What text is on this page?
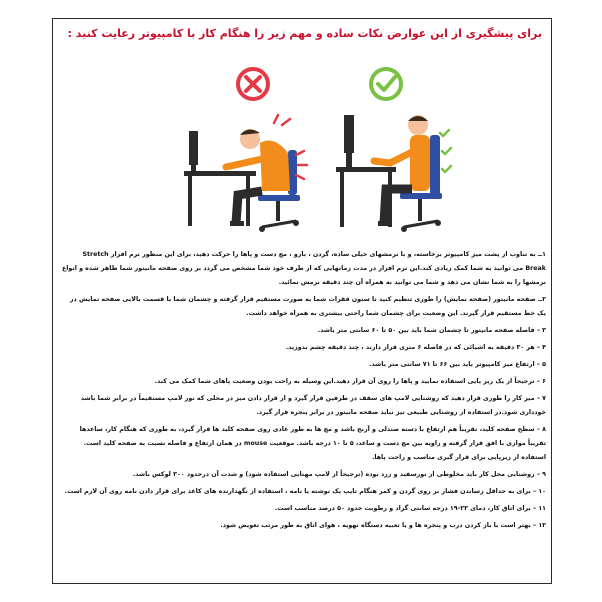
برای پیشگیری از این عوارض نکات ساده و مهم زیر را هنگام کار با کامپیوتر رعایت کنید :
۱ــ به تناوب از پشت میز کامپیوتر برخاسته، و با نرمشهای خیلی ساده، گردن ، بازو ، مچ دست و پاها را حرکت دهید، برای این منظور نرم افزار Stretch Break می توانید به شما کمک زیادی کند.این نرم افزار در مدت زمانهایی که از طرف خود شما مشخص می گردد بر روی صفحه مانیتور شما ظاهر شده و انواع نرمشها را به شما نشان می دهد و شما می توانید به همراه آن چند دقیقه نرمش نمائید.
۲ــ صفحه مانیتور (صفحه نمایش) را طوری تنظیم کنید تا ستون فقرات شما به صورت مستقیم قرار گرفته و چشمان شما با قسمت بالایی صفحه نمایش در یک خط مستقیم قرار گیرند. این وضعیت برای چشمان شما راحتی بیشتری به همراه خواهد داشت.
۳ – فاصله صفحه مانیتور تا چشمان شما باید بین ۵۰ تا ۶۰ سانتی متر باشد.
۴ – هر ۳۰ دقیقه به اشیائی که در فاصله ۶ متری قرار دارند ، چند دقیقه چشم بدوزید.
۵ – ارتفاع میز کامپیوتر باید بین ۶۶ تا ۷۱ سانتی متر باشد.
۶ – ترجیحاً از یک زیر پایی استفاده نمایید و پاها را روی آن قرار دهید.این وسیله به راحت بودن وضعیت پاهای شما کمک می کند.
۷ – میز کار را طوری قرار دهید که روشنایی لامپ های سقف در طرفین قرار گیرد و از قرار دادن میز در محلی که نور لامپ مستقیماً در برابر شما باشد خودداری شود.در استفاده از روشنایی طبیعی نیز نباید صفحه مانیتور در برابر پنجره قرار گیرد.
۸ – سطح صفحه کلید، تقریباً هم ارتفاع با دسته صندلی و آرنج باشد و مچ ها به طور عادی روی صفحه کلید ها قرار گیرد، به طوری که هنگام کار، ساعدها تقریباً موازی با افق قرار گرفته و زاویه بین مچ دست و ساعد، ۵ تا ۱۰ درجه باشد. موقعیت mouse در همان ارتفاع و فاصله نسبت به صفحه کلید است. استفاده از زیرپایی برای قرار گیری مناسب و راحت پاها.
۹ – روشنایی محل کار باید مخلوطی از نورسفید و زرد بوده (ترجیحاً از لامپ مهتابی استفاده شود) و شدت آن درحدود ۳۰۰ لوکس باشد.
۱۰ – برای به حداقل رساندن فشار بر روی گردن و کمر هنگام تایپ یک نوشته یا نامه ، استفاده از نگهدارنده های کاغذ برای قرار دادن نامه روی آن لازم است.
۱۱ – برای اتاق کار، دمای ۲۳-۱۹ درجه سانتی گراد و رطوبت حدود ۵۰ درصد مناسب است.
۱۲ – بهتر است با باز کردن درب و پنجره ها و یا تعبیه دستگاه تهویه ، هوای اتاق به طور مرتب تعویض شود.
